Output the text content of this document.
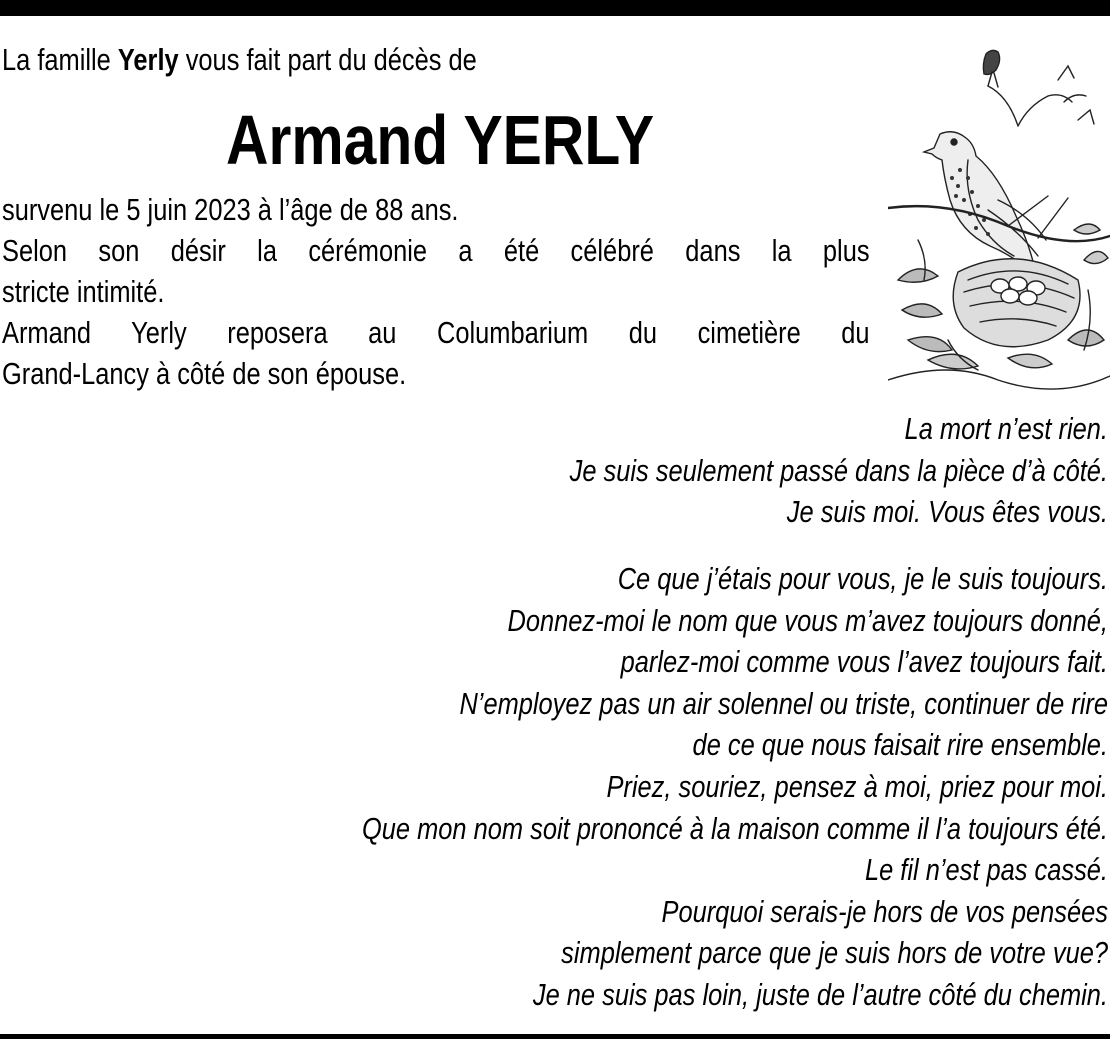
La famille Yerly vous fait part du décès de
Armand YERLY
survenu le 5 juin 2023 à l’âge de 88 ans.
Selon son désir la cérémonie a été célébré dans la plus
stricte intimité.
Armand Yerly reposera au Columbarium du cimetière du
Grand-Lancy à côté de son épouse.
La mort n’est rien.
Je suis seulement passé dans la pièce d’à côté.
Je suis moi. Vous êtes vous.
Ce que j’étais pour vous, je le suis toujours.
Donnez-moi le nom que vous m’avez toujours donné,
parlez-moi comme vous l’avez toujours fait.
N’employez pas un air solennel ou triste, continuer de rire
de ce que nous faisait rire ensemble.
Priez, souriez, pensez à moi, priez pour moi.
Que mon nom soit prononcé à la maison comme il l’a toujours été.
Le fil n’est pas cassé.
Pourquoi serais-je hors de vos pensées
simplement parce que je suis hors de votre vue?
Je ne suis pas loin, juste de l’autre côté du chemin.
